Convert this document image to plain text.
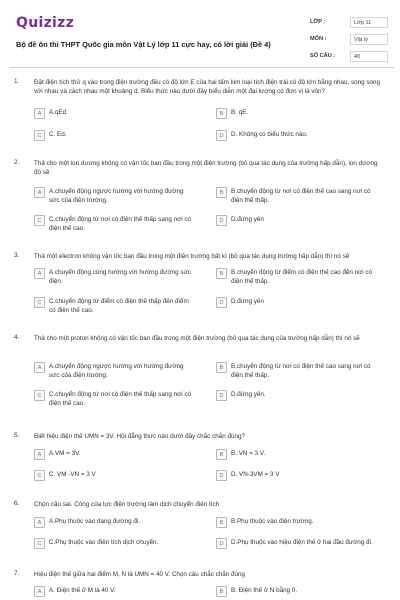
Quizizz
Bộ đề ôn thi THPT Quốc gia môn Vật Lý lớp 11 cực hay, có lời giải (Đề 4)
LỚP :	Lớp 11
MÔN :	Vật lý
SỐ CÂU :	40
1. Đặt điện tích thử q vào trong điện trường đều có độ lớn E của hai tấm kim loại tích điện trái có độ lớn bằng nhau, song song với nhau và cách nhau một khoảng d. Biểu thức nào dưới đây biểu diễn một đại lượng có đơn vị là vôn?
A	A.qEd.	B	B. qE.
C	C. Ed.	D	D. Không có biểu thức nào.
2. Thả cho một ion dương không có vận tốc ban đầu trong một điện trường (bỏ qua tác dụng của trường hấp dẫn), ion dương đó sẽ
A	A.chuyển động ngược hướng với hướng đường sức của điện trường.
B	B.chuyển động từ nơi có điện thế cao sang nơi có điện thế thấp.
C	C.chuyển động từ nơi có điện thế thấp sang nơi có điện thế cao.
D	D.đứng yên
3. Thả một electron không vận tốc ban đầu trong một điện trường bất kì (bỏ qua tác dụng trường hấp dẫn) thì nó sẽ
A	A.chuyển động cùng hướng với hướng đường sức điện.
B	B.chuyển động từ điểm có điện thế cao đến nơi có điện thế thấp.
C	C.chuyển động từ điểm có điện thế thấp đến điểm có điện thế cao.
D	D.đứng yên
4. Thả cho một proton không có vận tốc ban đầu trong một điện trường (bỏ qua tác dụng của trường hấp dẫn) thì nó sẽ
A	A.chuyển động ngược hướng với hướng đường sức của điện trường.
B	B.chuyển động từ nơi có điện thế cao sang nơi có điện thế thấp.
C	C.chuyển động từ nơi có điện thế thấp sang nơi có điện thế cao.
D	D.đứng yên.
5. Biết hiệu điện thế UMN = 3V. Hỏi đẳng thức nào dưới đây chắc chắn đúng?
A	A.VM = 3V.	B	B. VN = 3 V.
C	C. VM -VN = 3 V	D	D. VN-3VM = 3 V
6. Chọn câu sai. Công của lực điện trường làm dịch chuyển điện tích
A	A.Phụ thuộc vào dạng đường đi.	B	B.Phụ thuộc vào điện trường.
C	C.Phụ thuộc vào điện tích dịch chuyển.	D	D.Phụ thuộc vào hiệu điện thế ở hai đầu đường đi.
7. Hiệu điện thế giữa hai điểm M, N là UMN = 40 V. Chọn câu chắc chắn đúng
A	A. Điện thế ở M là 40 V.	B	B. Điện thế ở N bằng 0.
